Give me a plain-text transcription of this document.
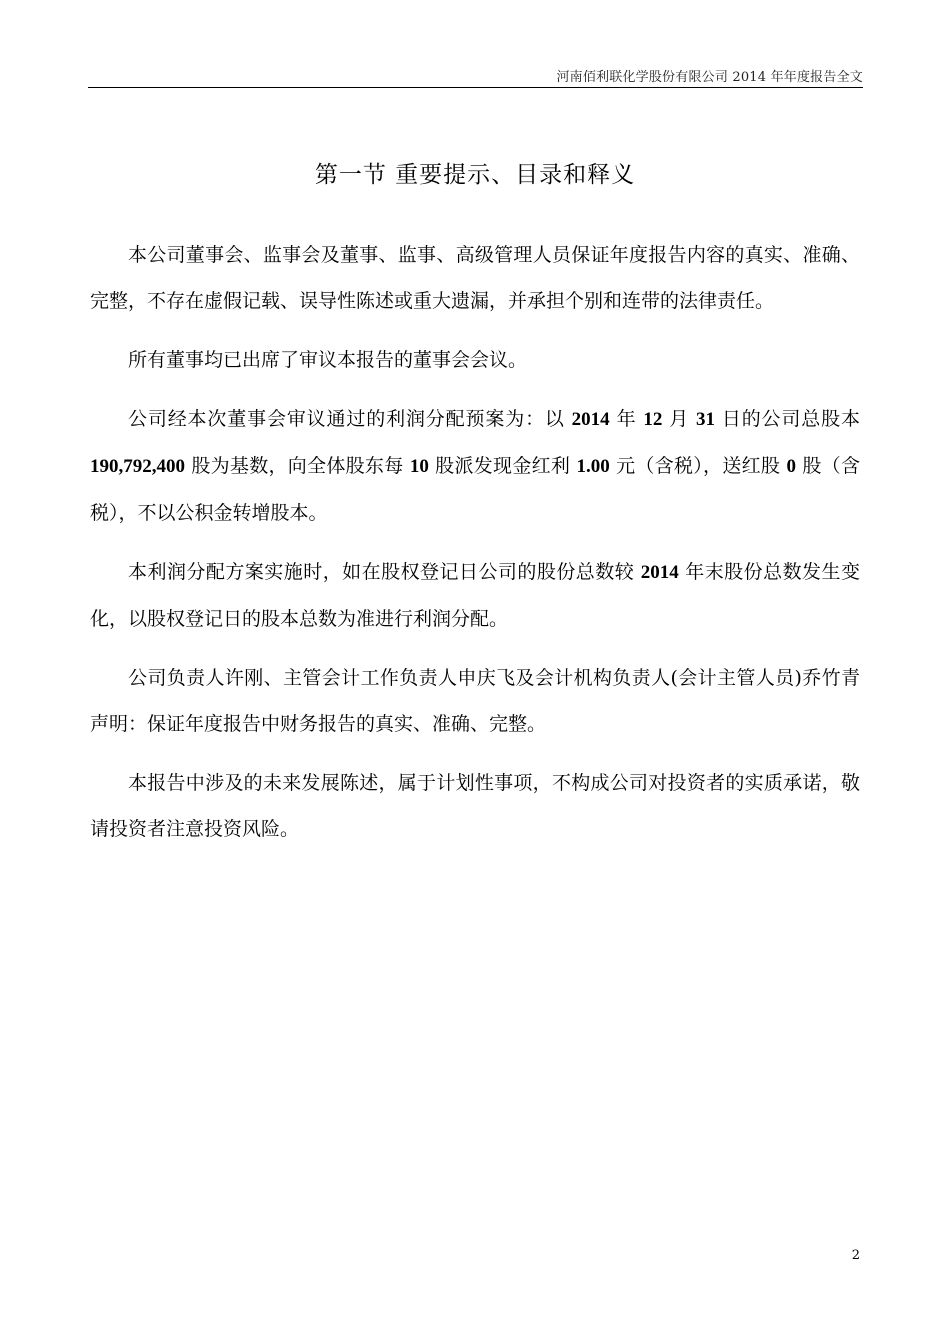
河南佰利联化学股份有限公司 2014 年年度报告全文
第一节 重要提示、目录和释义

本公司董事会、监事会及董事、监事、高级管理人员保证年度报告内容的真实、准确、完整，不存在虚假记载、误导性陈述或重大遗漏，并承担个别和连带的法律责任。

所有董事均已出席了审议本报告的董事会会议。

公司经本次董事会审议通过的利润分配预案为：以 2014 年 12 月 31 日的公司总股本 190,792,400 股为基数，向全体股东每 10 股派发现金红利 1.00 元（含税），送红股 0 股（含税），不以公积金转增股本。

本利润分配方案实施时，如在股权登记日公司的股份总数较 2014 年末股份总数发生变化，以股权登记日的股本总数为准进行利润分配。

公司负责人许刚、主管会计工作负责人申庆飞及会计机构负责人(会计主管人员)乔竹青声明：保证年度报告中财务报告的真实、准确、完整。

本报告中涉及的未来发展陈述，属于计划性事项，不构成公司对投资者的实质承诺，敬请投资者注意投资风险。

2
